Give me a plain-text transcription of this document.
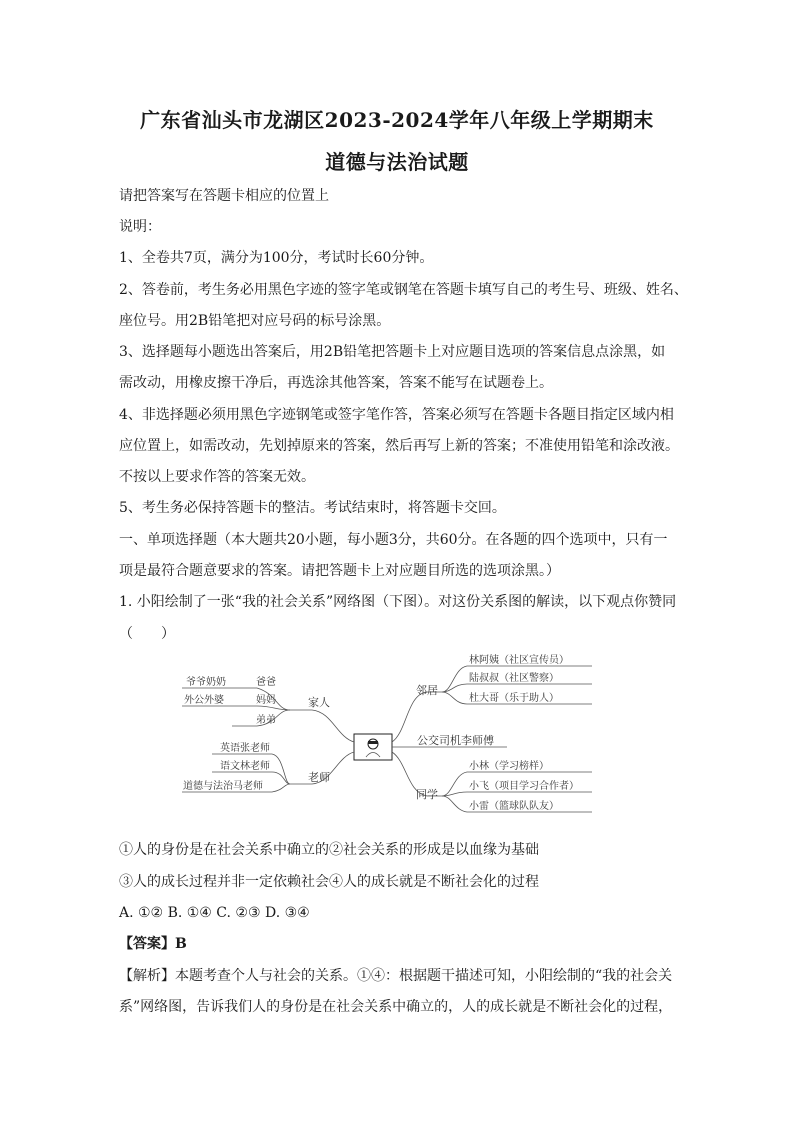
广东省汕头市龙湖区2023-2024学年八年级上学期期末
道德与法治试题

请把答案写在答题卡相应的位置上

说明：

1、全卷共7页，满分为100分，考试时长60分钟。

2、答卷前，考生务必用黑色字迹的签字笔或钢笔在答题卡填写自己的考生号、班级、姓名、

座位号。用2B铅笔把对应号码的标号涂黑。

3、选择题每小题选出答案后，用2B铅笔把答题卡上对应题目选项的答案信息点涂黑，如

需改动，用橡皮擦干净后，再选涂其他答案，答案不能写在试题卷上。

4、非选择题必须用黑色字迹钢笔或签字笔作答，答案必须写在答题卡各题目指定区域内相

应位置上，如需改动，先划掉原来的答案，然后再写上新的答案；不准使用铅笔和涂改液。

不按以上要求作答的答案无效。

5、考生务必保持答题卡的整洁。考试结束时，将答题卡交回。

一、单项选择题（本大题共20小题，每小题3分，共60分。在各题的四个选项中，只有一

项是最符合题意要求的答案。请把答题卡上对应题目所选的选项涂黑。）

1. 小阳绘制了一张“我的社会关系”网络图（下图）。对这份关系图的解读，以下观点你赞同

（　　）

家人
爸爸
妈妈
弟弟
爷爷奶奶
外公外婆
老师
英语张老师
语文林老师
道德与法治马老师
邻居
林阿姨（社区宣传员）
陆叔叔（社区警察）
杜大哥（乐于助人）
公交司机李师傅
同学
小林（学习榜样）
小飞（项目学习合作者）
小雷（篮球队队友）

①人的身份是在社会关系中确立的②社会关系的形成是以血缘为基础

③人的成长过程并非一定依赖社会④人的成长就是不断社会化的过程

A. ①② B. ①④ C. ②③ D. ③④

【答案】B

【解析】本题考查个人与社会的关系。①④：根据题干描述可知，小阳绘制的“我的社会关

系”网络图，告诉我们人的身份是在社会关系中确立的，人的成长就是不断社会化的过程，
